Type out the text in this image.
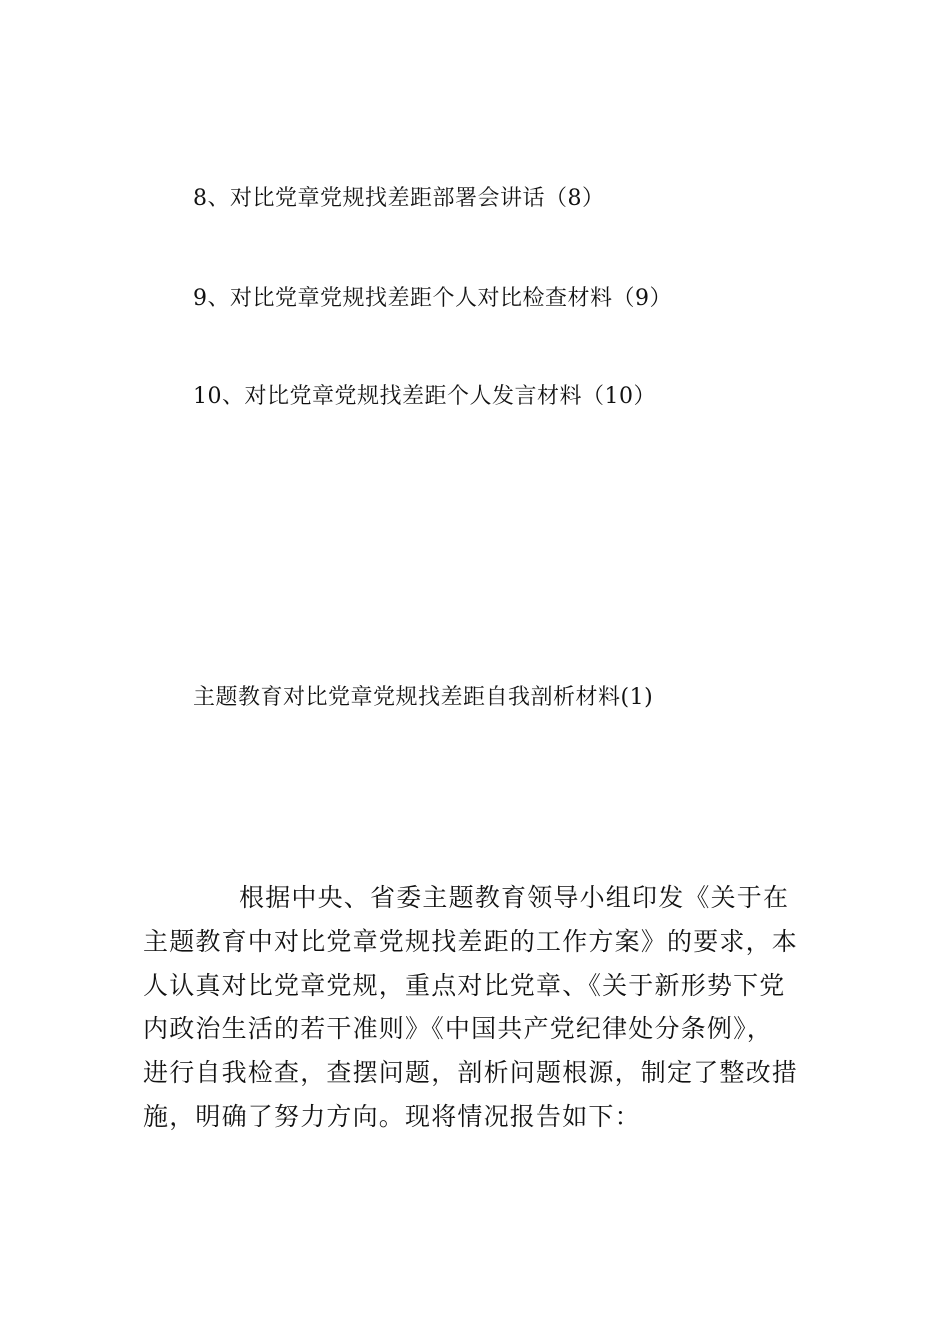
8、对比党章党规找差距部署会讲话（8）
9、对比党章党规找差距个人对比检查材料（9）
10、对比党章党规找差距个人发言材料（10）
主题教育对比党章党规找差距自我剖析材料(1)
根据中央、省委主题教育领导小组印发《关于在
主题教育中对比党章党规找差距的工作方案》的要求，本
人认真对比党章党规，重点对比党章、《关于新形势下党
内政治生活的若干准则》《中国共产党纪律处分条例》，
进行自我检查，查摆问题，剖析问题根源，制定了整改措
施，明确了努力方向。现将情况报告如下：
